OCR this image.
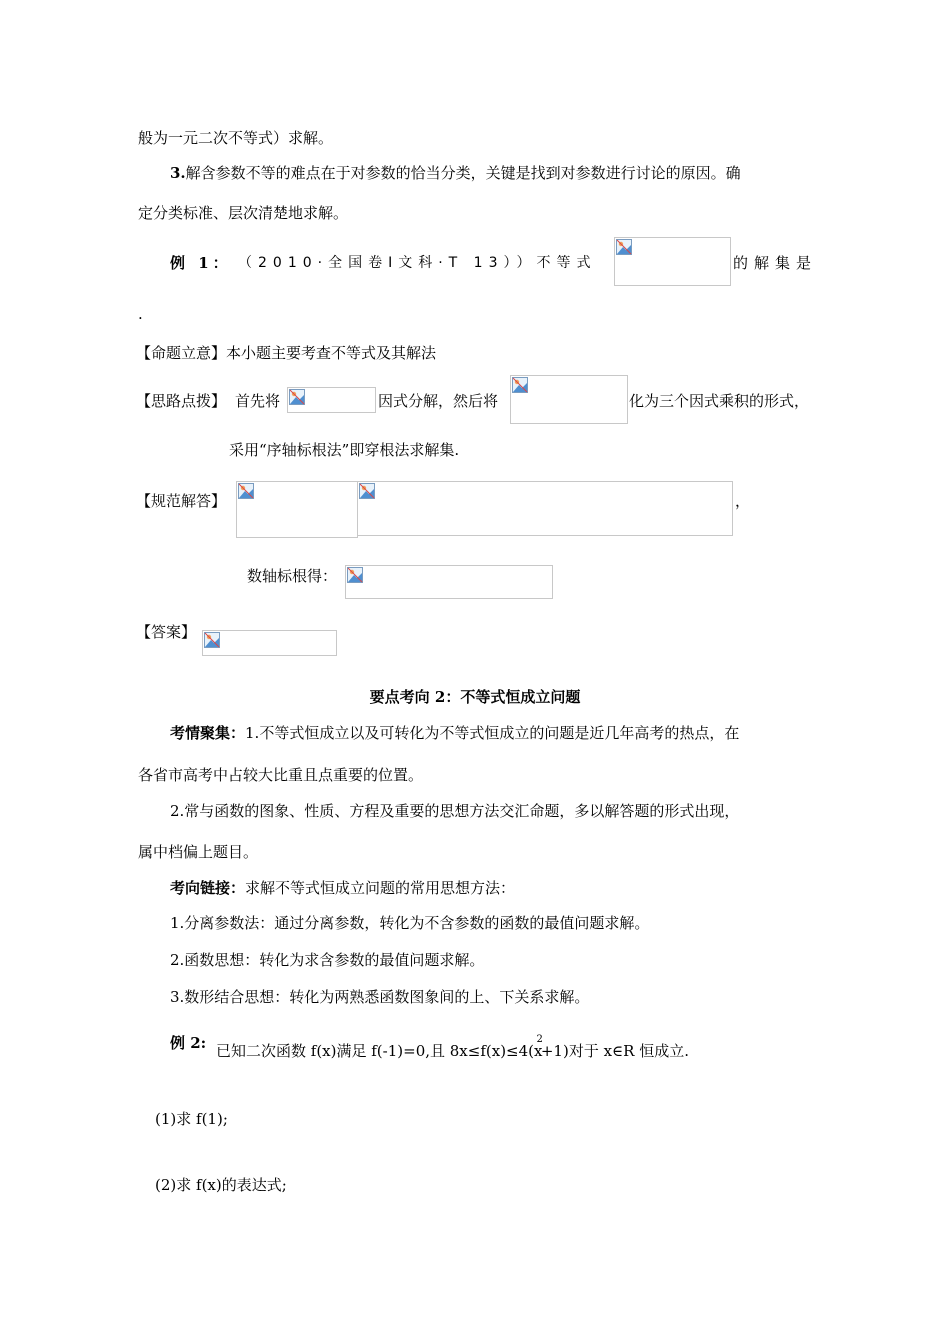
般为一元二次不等式）求解。
3.解含参数不等的难点在于对参数的恰当分类，关键是找到对参数进行讨论的原因。确
定分类标准、层次清楚地求解。
例 1： （2010·全国卷Ⅰ文科·T 13））不等式	的解集是
.
【命题立意】本小题主要考查不等式及其解法
【思路点拨】 首先将	因式分解，然后将	化为三个因式乘积的形式，
采用“序轴标根法”即穿根法求解集.
【规范解答】	，
数轴标根得：
【答案】
要点考向 2：不等式恒成立问题
考情聚集：1.不等式恒成立以及可转化为不等式恒成立的问题是近几年高考的热点，在
各省市高考中占较大比重且点重要的位置。
2.常与函数的图象、性质、方程及重要的思想方法交汇命题，多以解答题的形式出现，
属中档偏上题目。
考向链接：求解不等式恒成立问题的常用思想方法：
1.分离参数法：通过分离参数，转化为不含参数的函数的最值问题求解。
2.函数思想：转化为求含参数的最值问题求解。
3.数形结合思想：转化为两熟悉函数图象间的上、下关系求解。
例 2: 已知二次函数 f(x)满足 f(-1)=0,且 $8x\le f(x)\le 4(x^2+1)$对于 x∈R 恒成立.
(1)求 f(1);
(2)求 f(x)的表达式;
